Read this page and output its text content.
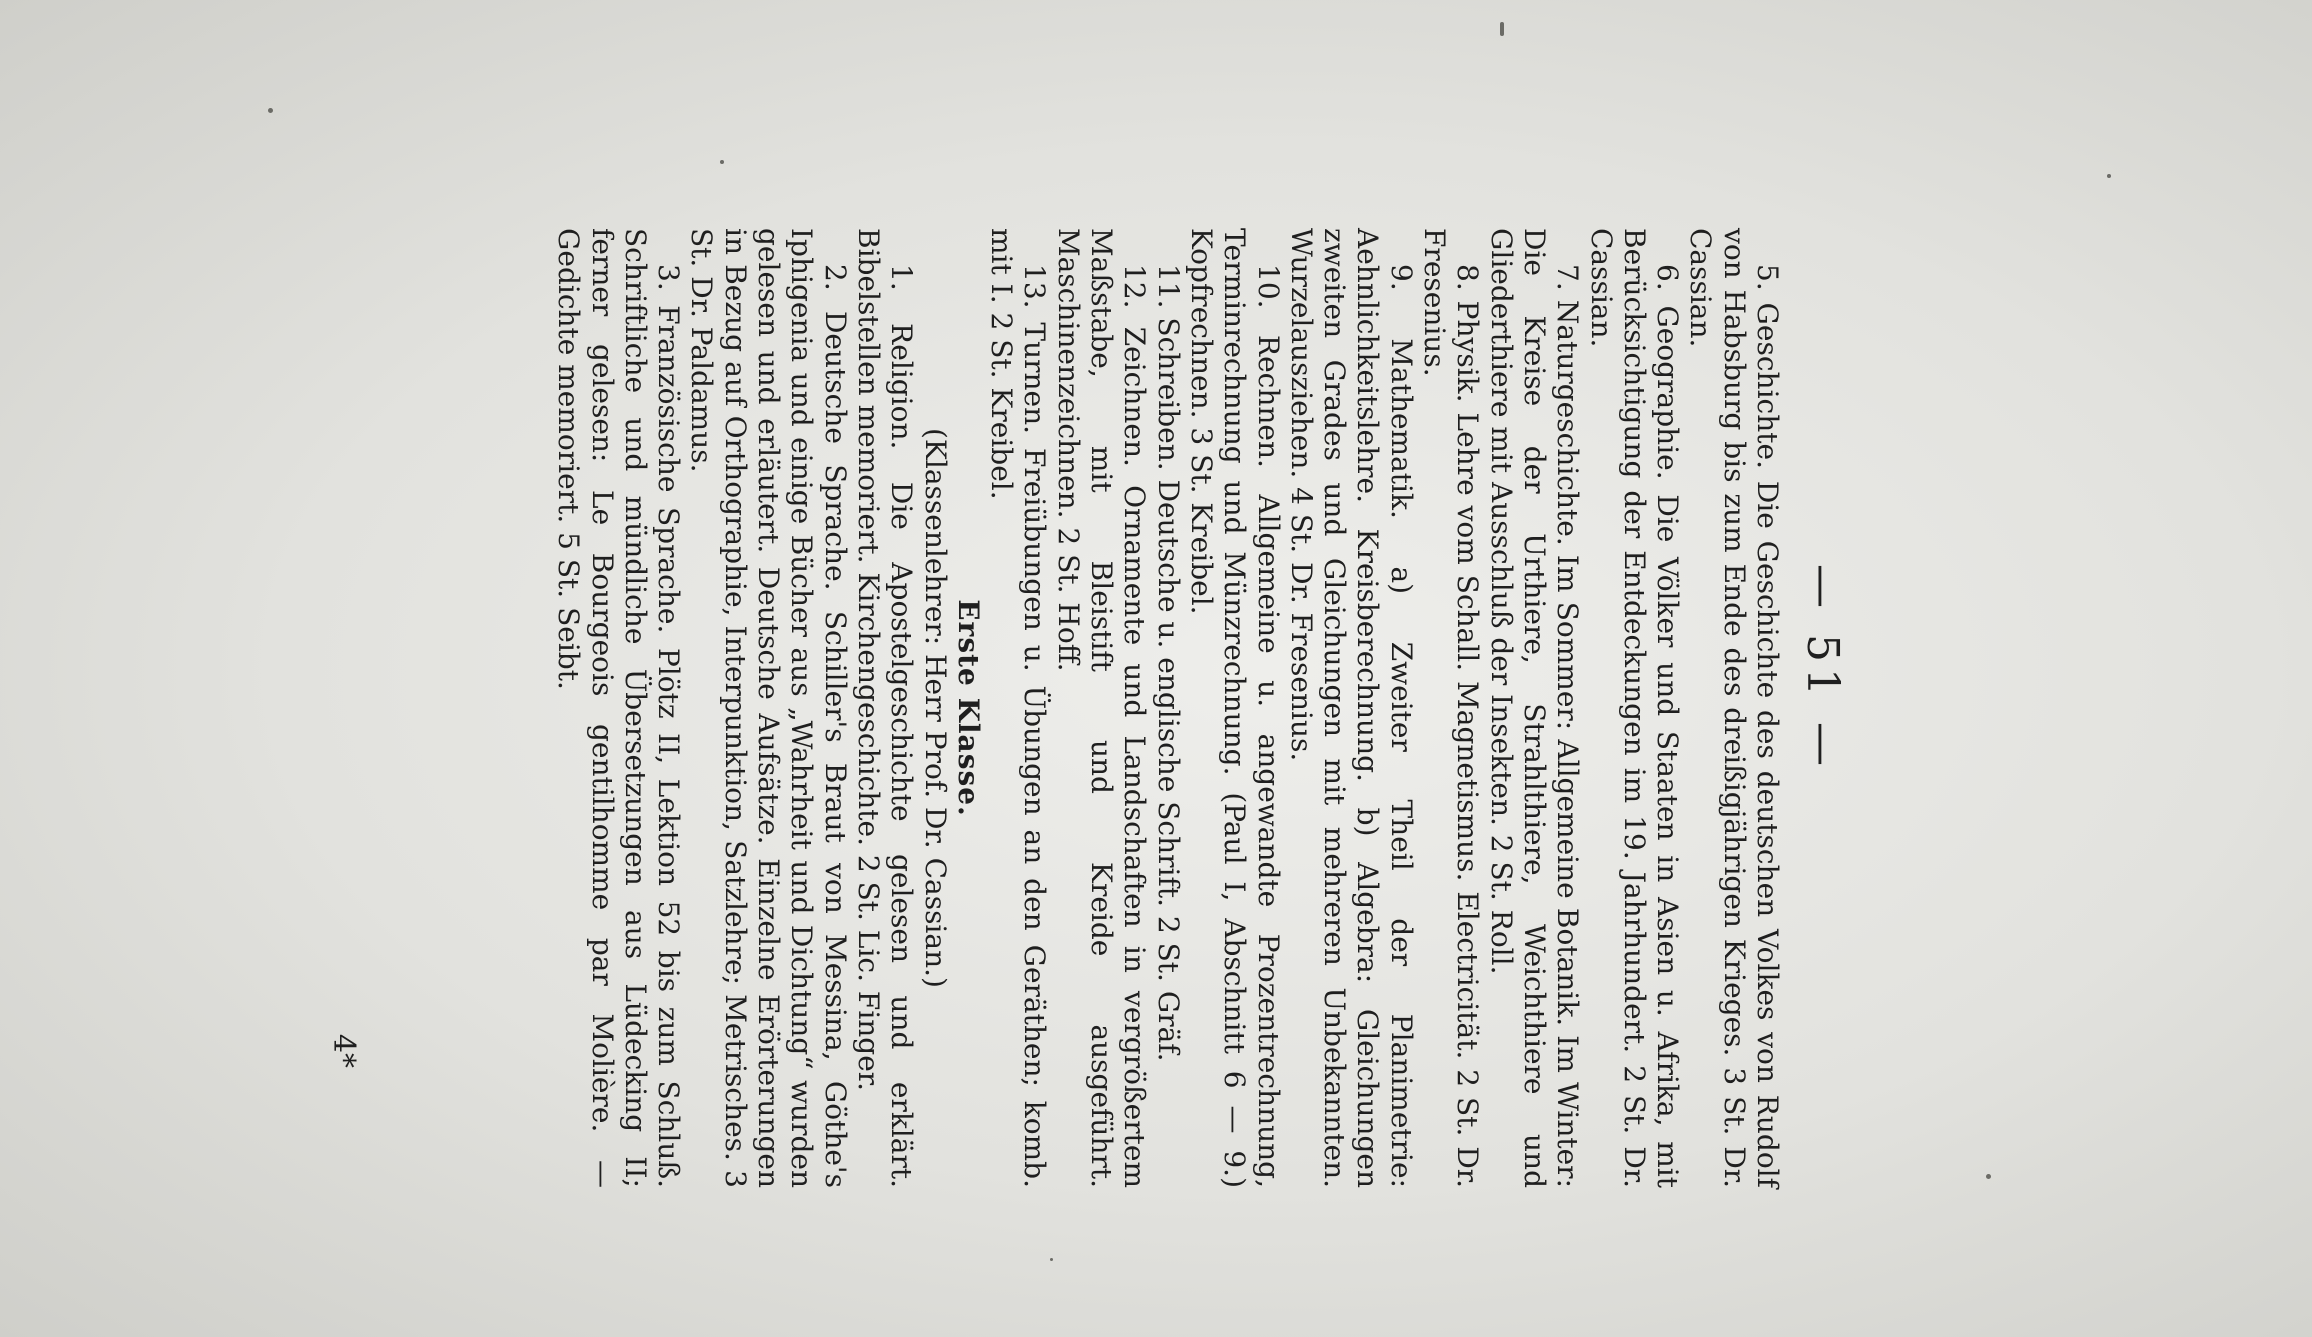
— 51 —

5. Geschichte. Die Geschichte des deutschen Volkes von Rudolf von Habsburg bis zum Ende des dreißigjährigen Krieges. 3 St. Dr. Cassian.

6. Geographie. Die Völker und Staaten in Asien u. Afrika, mit Berücksichtigung der Entdeckungen im 19. Jahrhundert. 2 St. Dr. Cassian.

7. Naturgeschichte. Im Sommer: Allgemeine Botanik. Im Winter: Die Kreise der Urthiere, Strahlthiere, Weichthiere und Gliederthiere mit Ausschluß der Insekten. 2 St. Roll.

8. Physik. Lehre vom Schall. Magnetismus. Electricität. 2 St. Dr. Fresenius.

9. Mathematik. a) Zweiter Theil der Planimetrie: Aehnlichkeitslehre. Kreisberechnung. b) Algebra: Gleichungen zweiten Grades und Gleichungen mit mehreren Unbekannten. Wurzelausziehen. 4 St. Dr. Fresenius.

10. Rechnen. Allgemeine u. angewandte Prozentrechnung, Terminrechnung und Münzrechnung. (Paul I, Abschnitt 6 — 9.) Kopfrechnen. 3 St. Kreibel.

11. Schreiben. Deutsche u. englische Schrift. 2 St. Gräf.

12. Zeichnen. Ornamente und Landschaften in vergrößertem Maßstabe, mit Bleistift und Kreide ausgeführt. Maschinenzeichnen. 2 St. Hoff.

13. Turnen. Freiübungen u. Übungen an den Geräthen; komb. mit I. 2 St. Kreibel.

Erste Klasse.

(Klassenlehrer: Herr Prof. Dr. Cassian.)

1. Religion. Die Apostelgeschichte gelesen und erklärt. Bibelstellen memoriert. Kirchengeschichte. 2 St. Lic. Finger.

2. Deutsche Sprache. Schiller's Braut von Messina, Göthe's Iphigenia und einige Bücher aus „Wahrheit und Dichtung“ wurden gelesen und erläutert. Deutsche Aufsätze. Einzelne Erörterungen in Bezug auf Orthographie, Interpunktion, Satzlehre; Metrisches. 3 St. Dr. Paldamus.

3. Französische Sprache. Plötz II, Lektion 52 bis zum Schluß. Schriftliche und mündliche Übersetzungen aus Lüdecking II; ferner gelesen: Le Bourgeois gentilhomme par Molière. — Gedichte memoriert. 5 St. Seibt.

4*
